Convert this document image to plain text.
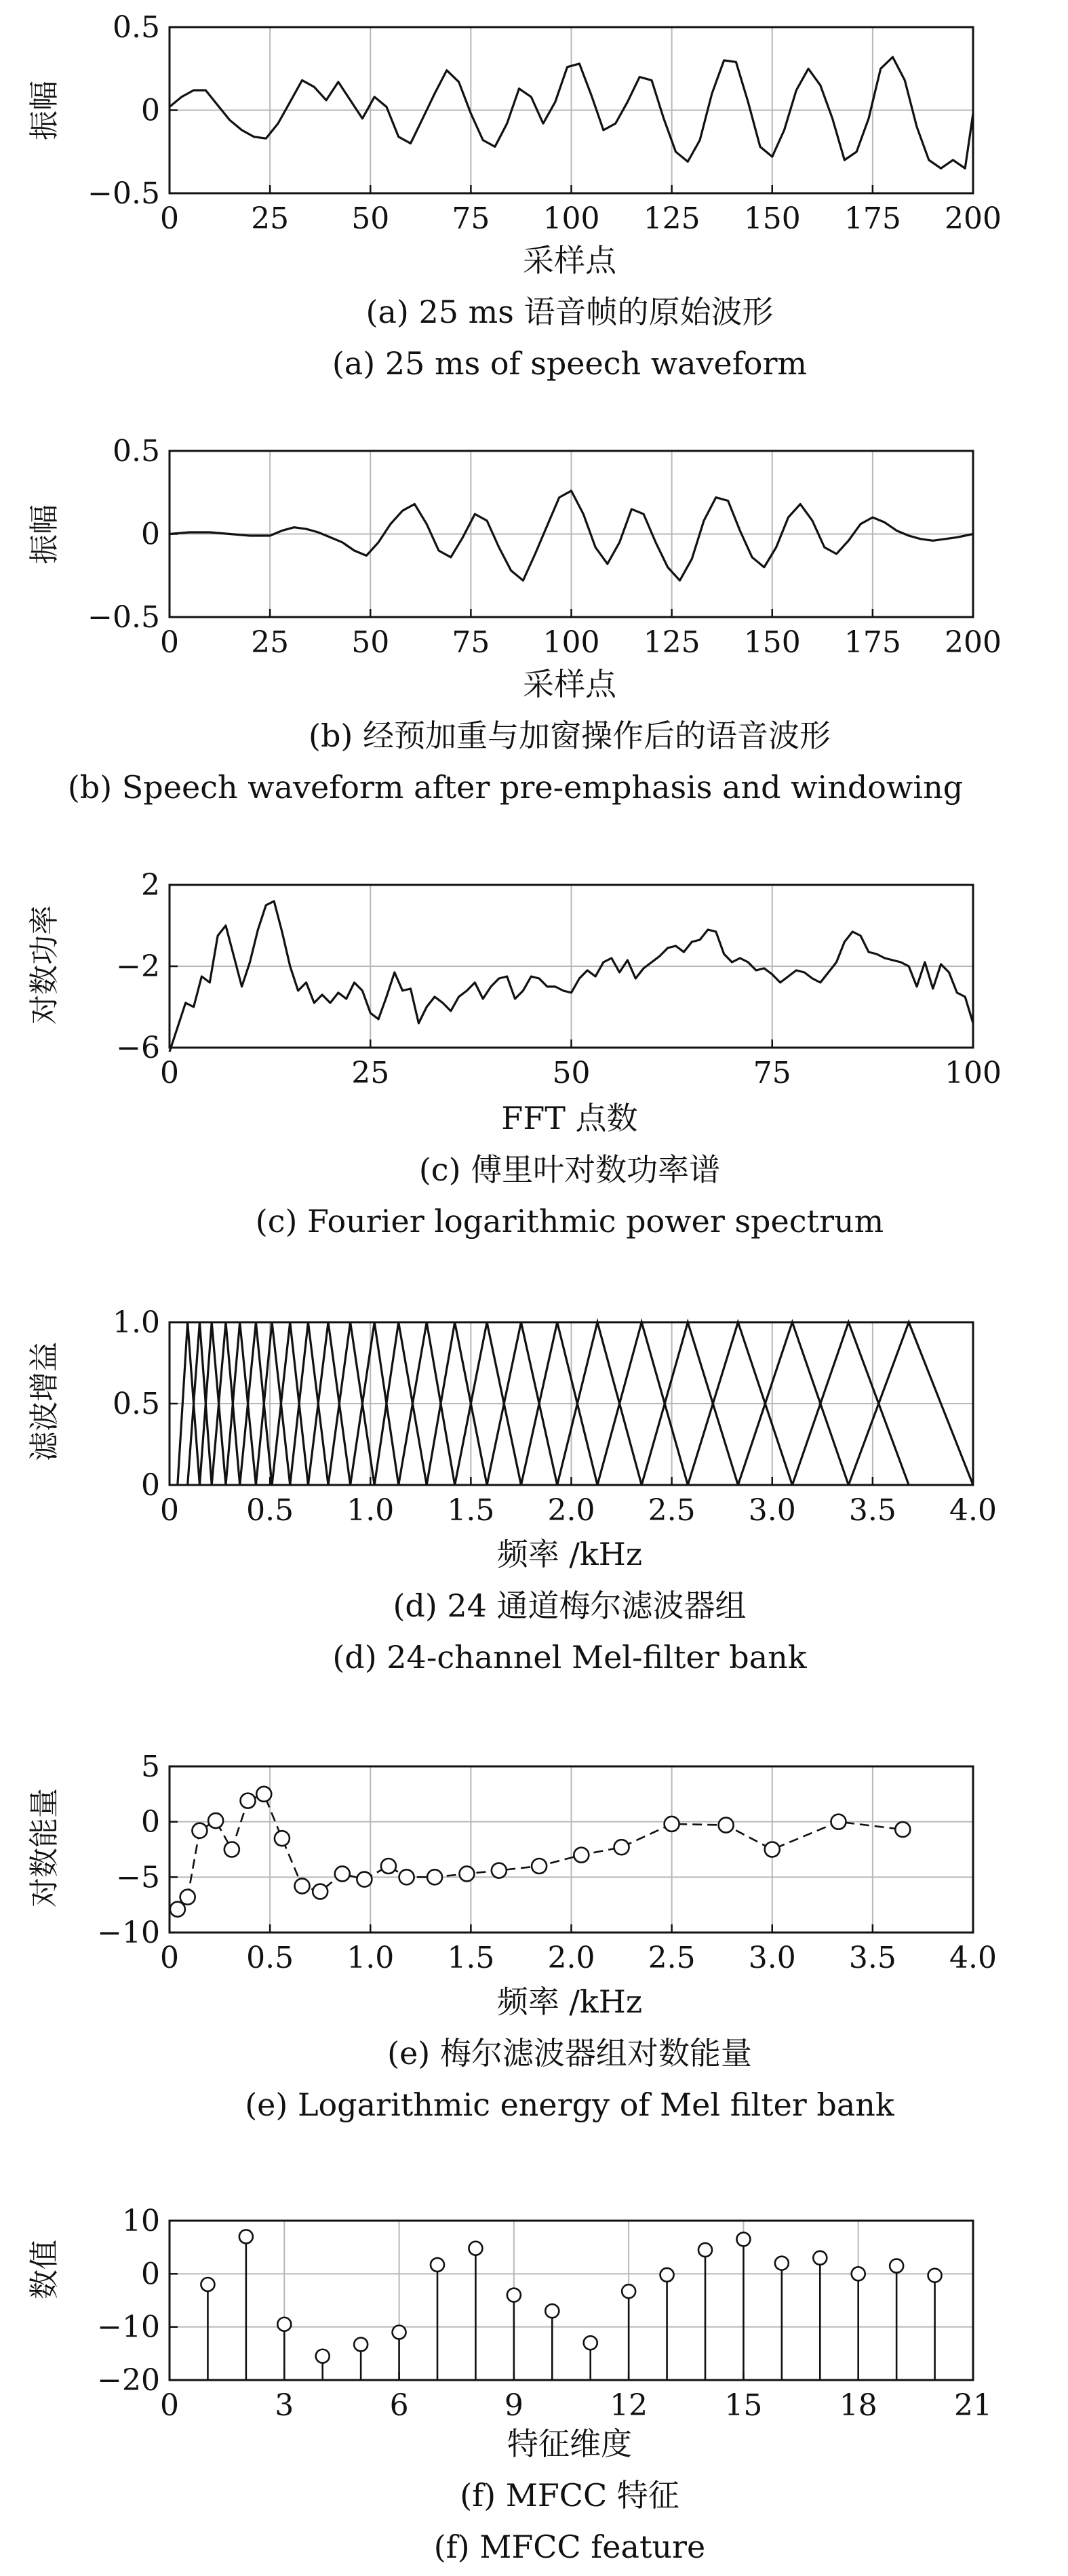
振幅
采样点
(a) 25 ms 语音帧的原始波形
(a) 25 ms of speech waveform
0 25 50 75 100 125 150 175 200
0.5
0
−0.5
振幅
采样点
(b) 经预加重与加窗操作后的语音波形
(b) Speech waveform after pre-emphasis and windowing
0 25 50 75 100 125 150 175 200
0.5
0
−0.5
对数功率
FFT 点数
(c) 傅里叶对数功率谱
(c) Fourier logarithmic power spectrum
0	25	50	75	100
2
−2
−6
滤波增益
频率 /kHz
(d) 24 通道梅尔滤波器组
(d) 24-channel Mel-filter bank
0 0.5 1.0 1.5 2.0 2.5 3.0 3.5 4.0
1.0
0.5
0
对数能量
频率 /kHz
(e) 梅尔滤波器组对数能量
(e) Logarithmic energy of Mel filter bank
0 0.5 1.0 1.5 2.0 2.5 3.0 3.5 4.0
5
0
−5
−10
数值
特征维度
(f) MFCC 特征
(f) MFCC feature
0	3	6	9	12	15	18	21
10
0
−10
−20
